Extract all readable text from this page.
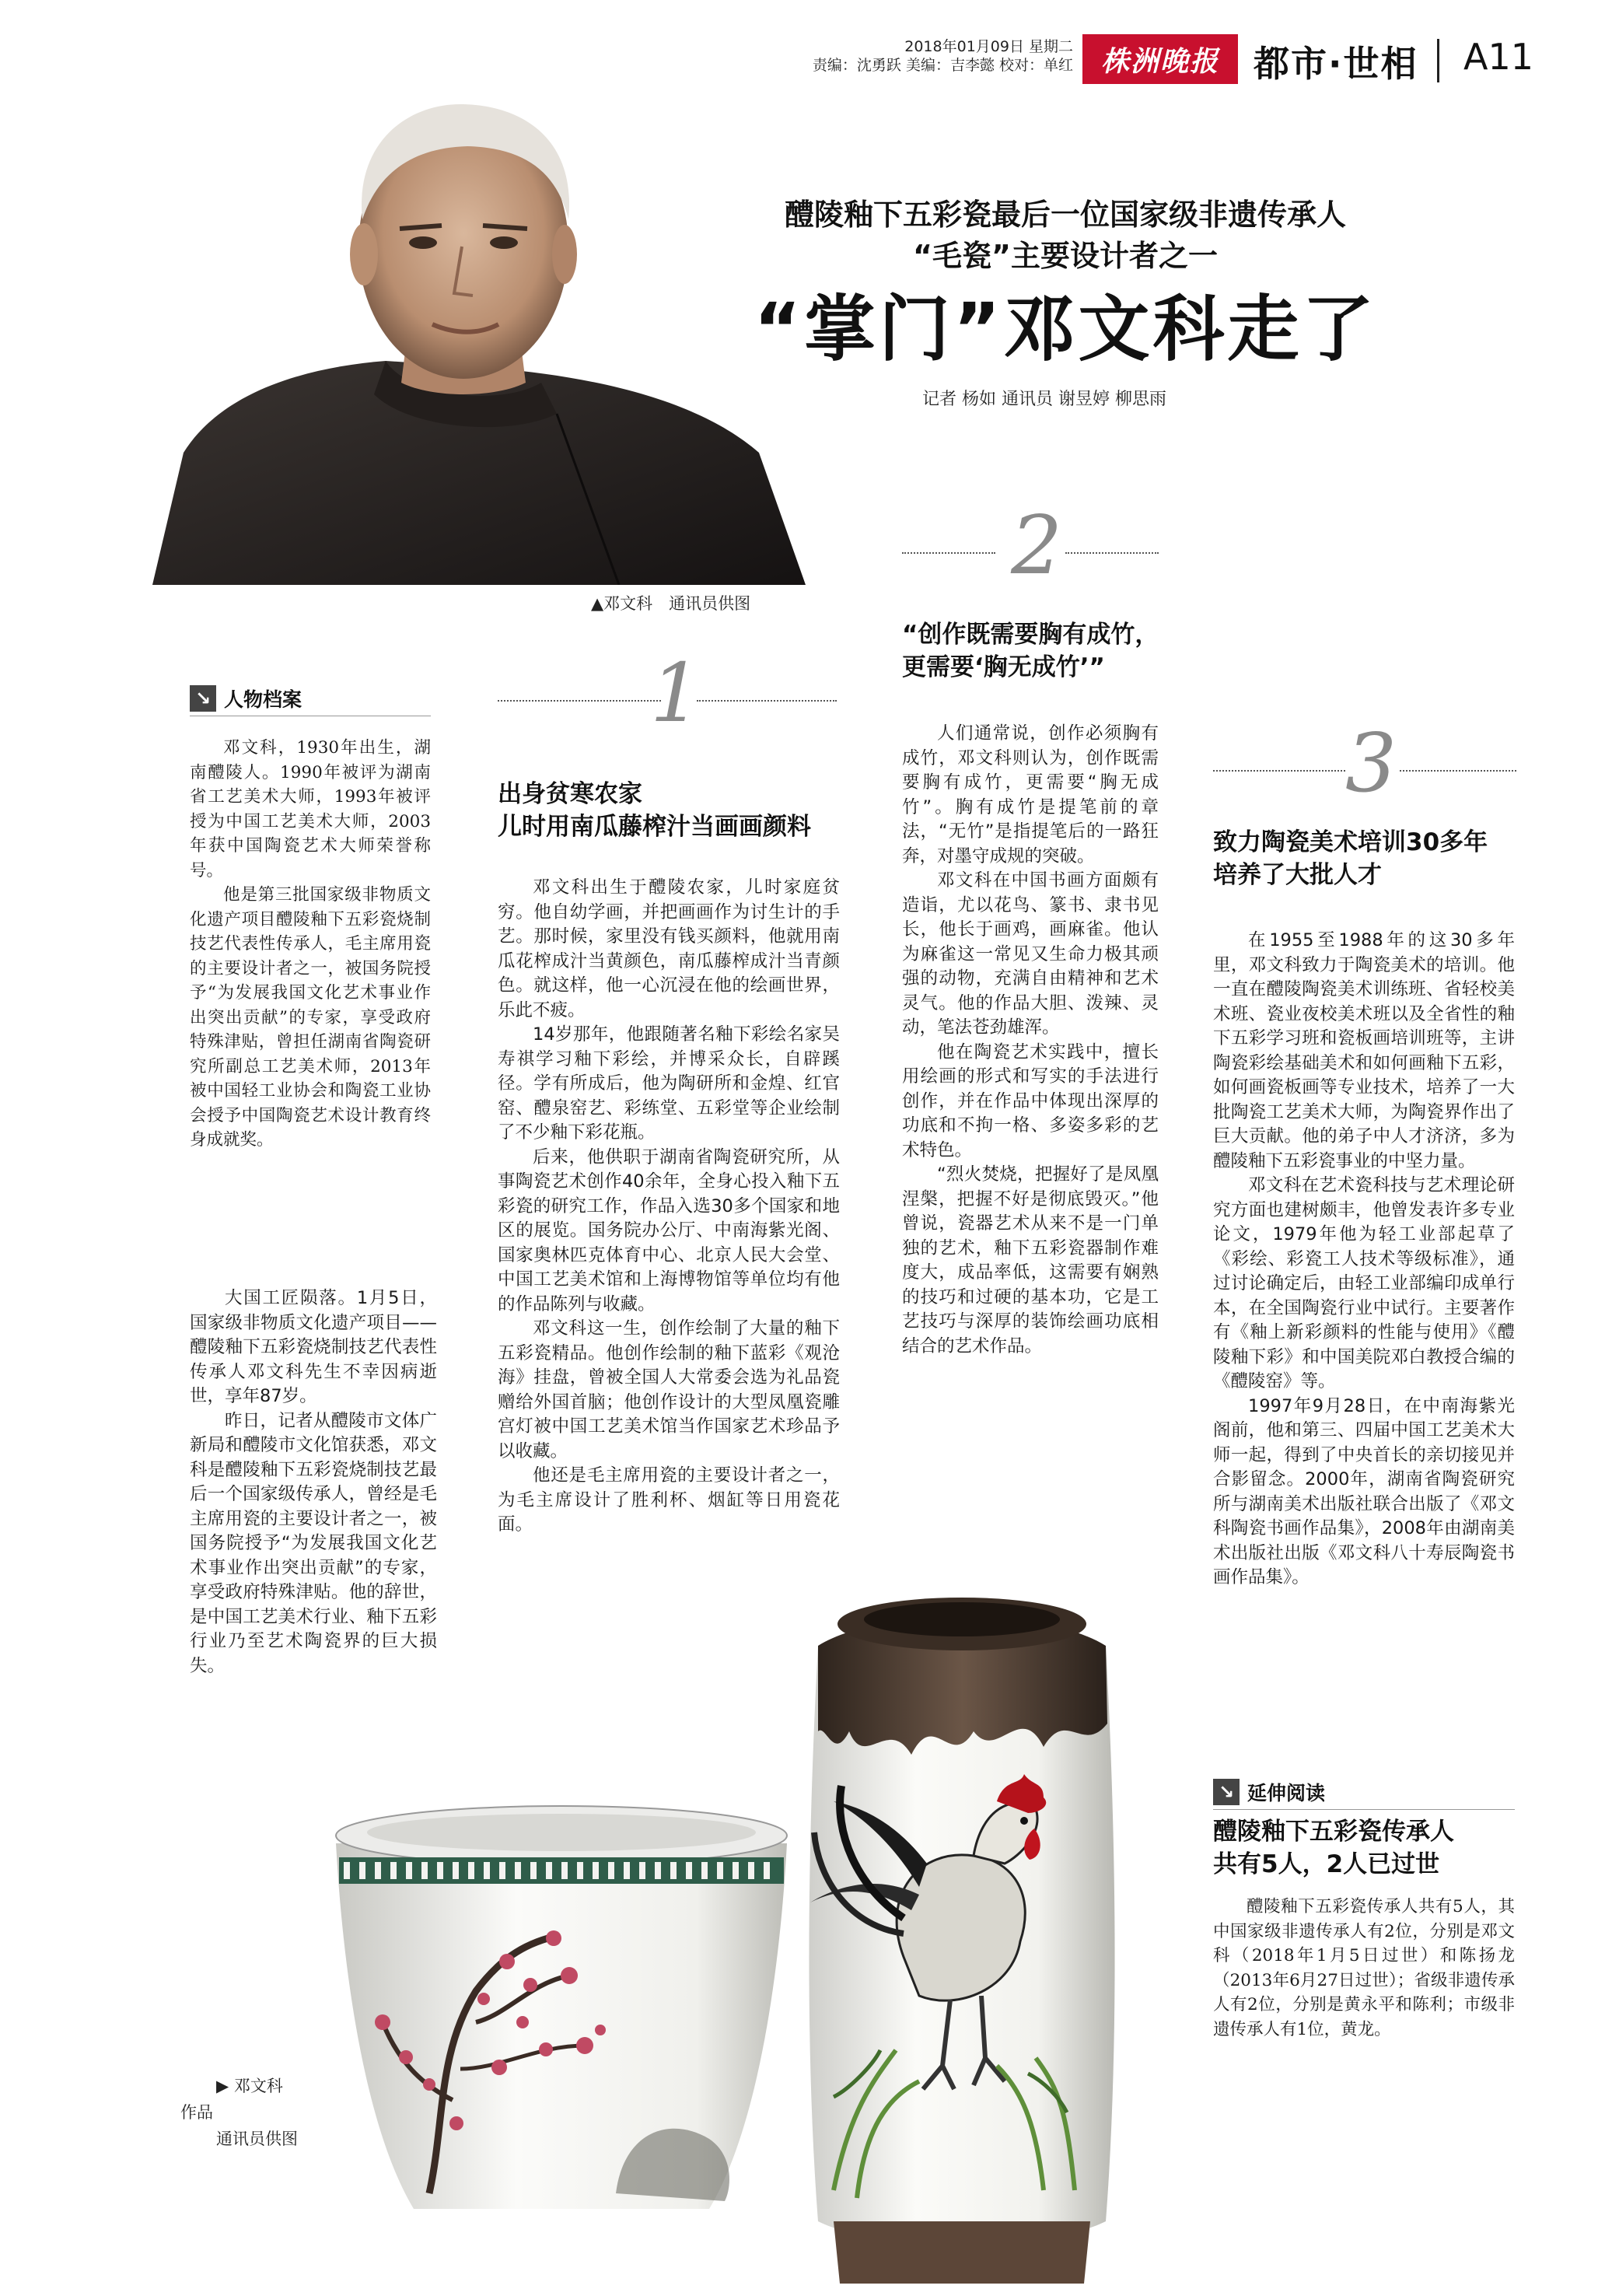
2018年01月09日 星期二
责编：沈勇跃 美编：吉李懿 校对：单红 株洲晚报 都市·世相 A11
▲邓文科　通讯员供图
醴陵釉下五彩瓷最后一位国家级非遗传承人
“毛瓷”主要设计者之一
“掌门”邓文科走了
记者 杨如 通讯员 谢昱婷 柳思雨
↘ 人物档案

邓文科，1930年出生，湖南醴陵人。1990年被评为湖南省工艺美术大师，1993年被评授为中国工艺美术大师，2003年获中国陶瓷艺术大师荣誉称号。

他是第三批国家级非物质文化遗产项目醴陵釉下五彩瓷烧制技艺代表性传承人，毛主席用瓷的主要设计者之一，被国务院授予“为发展我国文化艺术事业作出突出贡献”的专家，享受政府特殊津贴，曾担任湖南省陶瓷研究所副总工艺美术师，2013年被中国轻工业协会和陶瓷工业协会授予中国陶瓷艺术设计教育终身成就奖。

大国工匠陨落。1月5日，国家级非物质文化遗产项目——醴陵釉下五彩瓷烧制技艺代表性传承人邓文科先生不幸因病逝世，享年87岁。

昨日，记者从醴陵市文体广新局和醴陵市文化馆获悉，邓文科是醴陵釉下五彩瓷烧制技艺最后一个国家级传承人，曾经是毛主席用瓷的主要设计者之一，被国务院授予“为发展我国文化艺术事业作出突出贡献”的专家，享受政府特殊津贴。他的辞世，是中国工艺美术行业、釉下五彩行业乃至艺术陶瓷界的巨大损失。

1
出身贫寒农家
儿时用南瓜藤榨汁当画画颜料

邓文科出生于醴陵农家，儿时家庭贫穷。他自幼学画，并把画画作为讨生计的手艺。那时候，家里没有钱买颜料，他就用南瓜花榨成汁当黄颜色，南瓜藤榨成汁当青颜色。就这样，他一心沉浸在他的绘画世界，乐此不疲。

14岁那年，他跟随著名釉下彩绘名家吴寿祺学习釉下彩绘，并博采众长，自辟蹊径。学有所成后，他为陶研所和金煌、红官窑、醴泉窑艺、彩练堂、五彩堂等企业绘制了不少釉下彩花瓶。

后来，他供职于湖南省陶瓷研究所，从事陶瓷艺术创作40余年，全身心投入釉下五彩瓷的研究工作，作品入选30多个国家和地区的展览。国务院办公厅、中南海紫光阁、国家奥林匹克体育中心、北京人民大会堂、中国工艺美术馆和上海博物馆等单位均有他的作品陈列与收藏。

邓文科这一生，创作绘制了大量的釉下五彩瓷精品。他创作绘制的釉下蓝彩《观沧海》挂盘，曾被全国人大常委会选为礼品瓷赠给外国首脑；他创作设计的大型凤凰瓷雕宫灯被中国工艺美术馆当作国家艺术珍品予以收藏。

他还是毛主席用瓷的主要设计者之一，为毛主席设计了胜利杯、烟缸等日用瓷花面。

2
“创作既需要胸有成竹，
更需要‘胸无成竹’”

人们通常说，创作必须胸有成竹，邓文科则认为，创作既需要胸有成竹，更需要“胸无成竹”。胸有成竹是提笔前的章法，“无竹”是指提笔后的一路狂奔，对墨守成规的突破。

邓文科在中国书画方面颇有造诣，尤以花鸟、篆书、隶书见长，他长于画鸡，画麻雀。他认为麻雀这一常见又生命力极其顽强的动物，充满自由精神和艺术灵气。他的作品大胆、泼辣、灵动，笔法苍劲雄浑。

他在陶瓷艺术实践中，擅长用绘画的形式和写实的手法进行创作，并在作品中体现出深厚的功底和不拘一格、多姿多彩的艺术特色。

“烈火焚烧，把握好了是凤凰涅槃，把握不好是彻底毁灭。”他曾说，瓷器艺术从来不是一门单独的艺术，釉下五彩瓷器制作难度大，成品率低，这需要有娴熟的技巧和过硬的基本功，它是工艺技巧与深厚的装饰绘画功底相结合的艺术作品。

3
致力陶瓷美术培训30多年
培养了大批人才

在1955至1988年的这30多年里，邓文科致力于陶瓷美术的培训。他一直在醴陵陶瓷美术训练班、省轻校美术班、瓷业夜校美术班以及全省性的釉下五彩学习班和瓷板画培训班等，主讲陶瓷彩绘基础美术和如何画釉下五彩，如何画瓷板画等专业技术，培养了一大批陶瓷工艺美术大师，为陶瓷界作出了巨大贡献。他的弟子中人才济济，多为醴陵釉下五彩瓷事业的中坚力量。

邓文科在艺术瓷科技与艺术理论研究方面也建树颇丰，他曾发表许多专业论文，1979年他为轻工业部起草了《彩绘、彩瓷工人技术等级标准》，通过讨论确定后，由轻工业部编印成单行本，在全国陶瓷行业中试行。主要著作有《釉上新彩颜料的性能与使用》《醴陵釉下彩》和中国美院邓白教授合编的《醴陵窑》等。

1997年9月28日，在中南海紫光阁前，他和第三、四届中国工艺美术大师一起，得到了中央首长的亲切接见并合影留念。2000年，湖南省陶瓷研究所与湖南美术出版社联合出版了《邓文科陶瓷书画作品集》，2008年由湖南美术出版社出版《邓文科八十寿辰陶瓷书画作品集》。

↘ 延伸阅读
醴陵釉下五彩瓷传承人
共有5人，2人已过世

醴陵釉下五彩瓷传承人共有5人，其中国家级非遗传承人有2位，分别是邓文科（2018年1月5日过世）和陈扬龙（2013年6月27日过世）；省级非遗传承人有2位，分别是黄永平和陈利；市级非遗传承人有1位，黄龙。

▶ 邓文科
作品
通讯员供图
